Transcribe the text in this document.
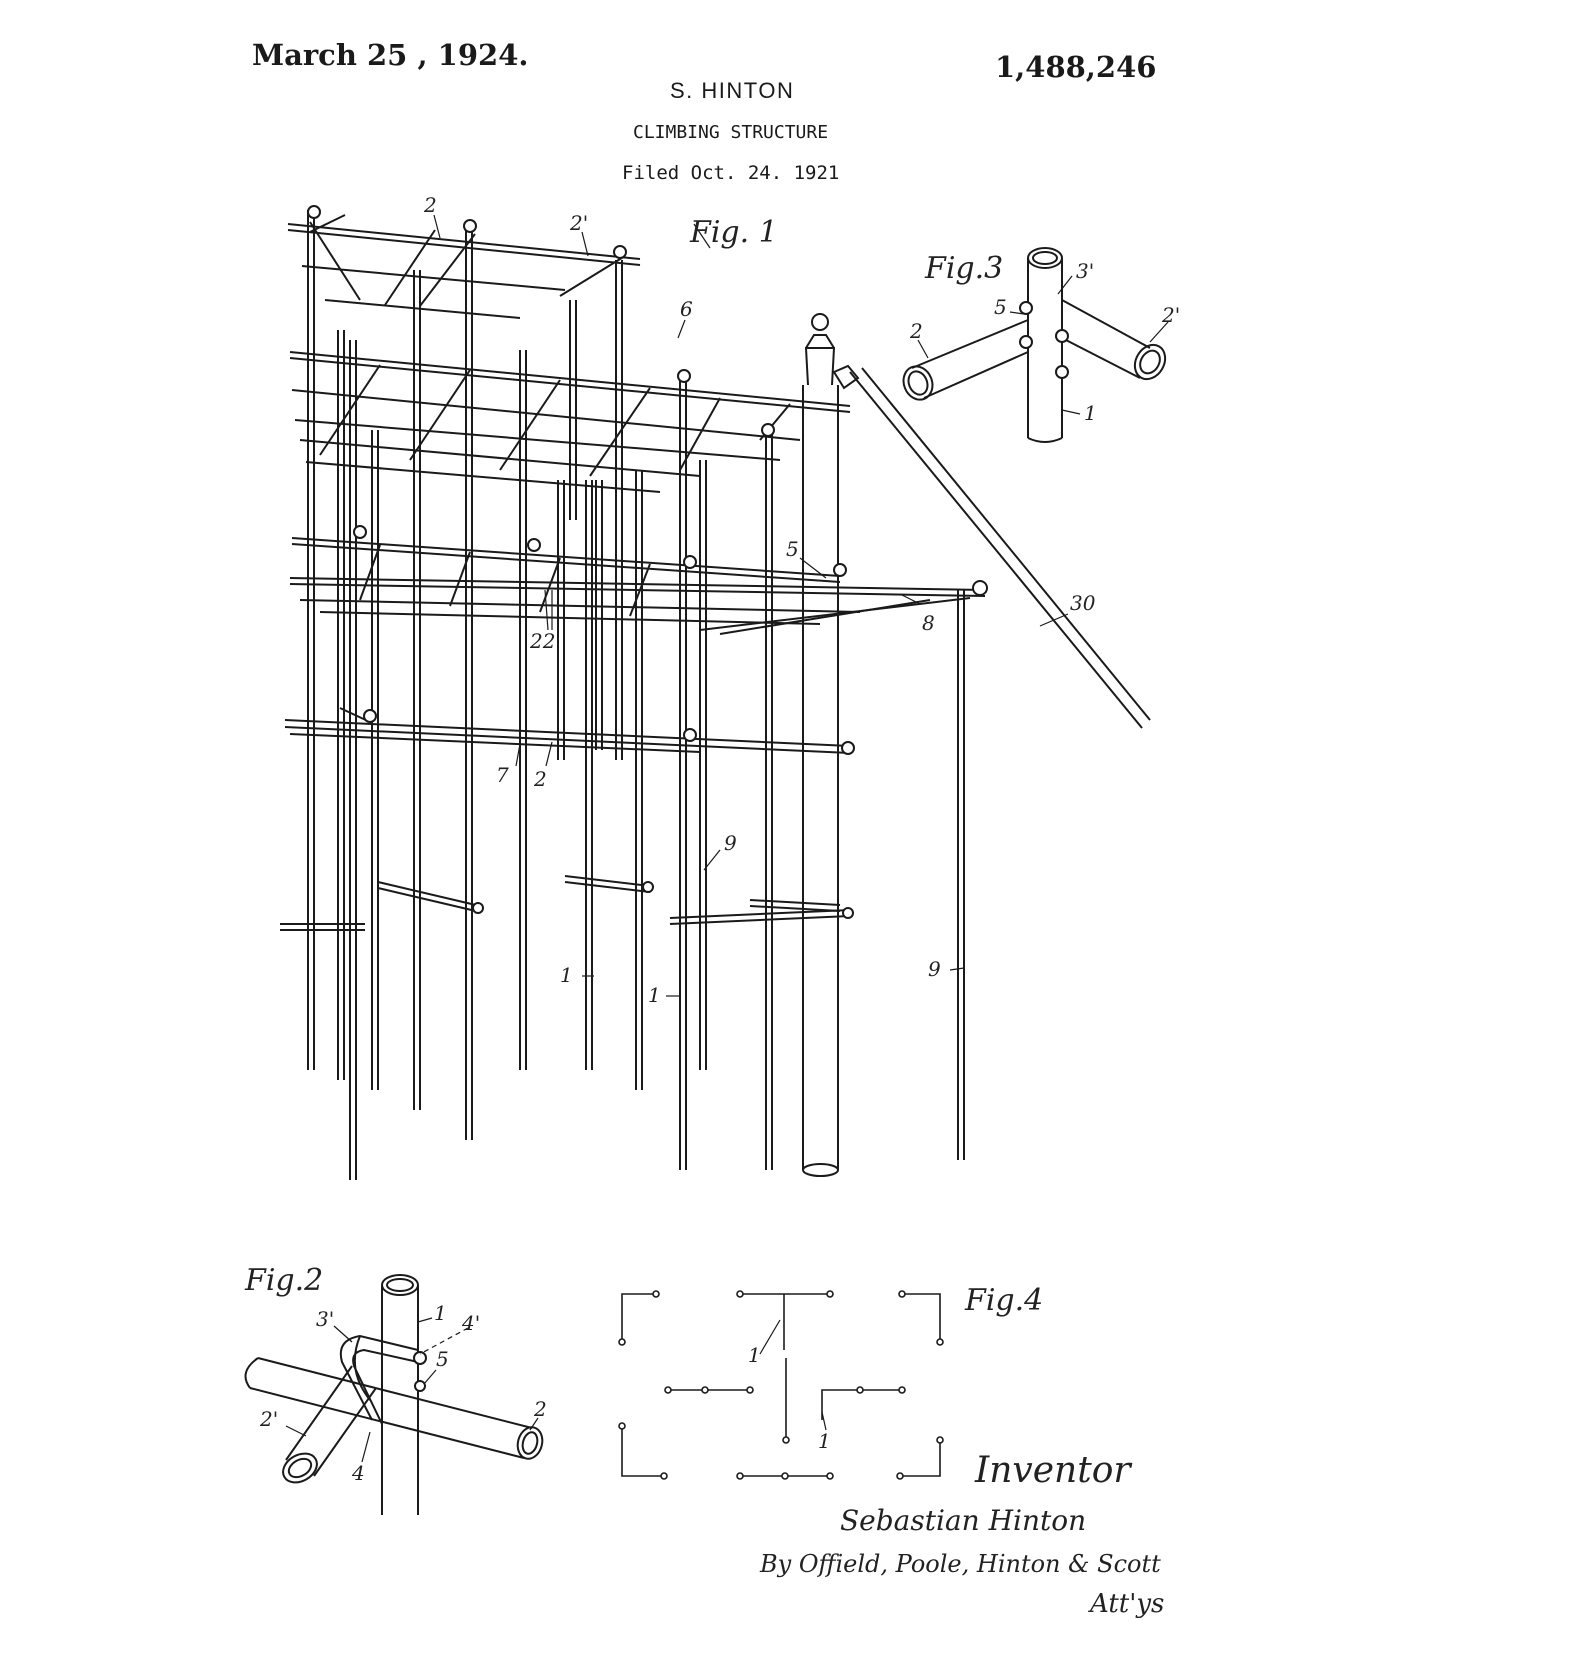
March 25 , 1924.	1,488,246
S. HINTON
CLIMBING STRUCTURE
Filed Oct. 24. 1921
Fig. 1
Fig.3
Fig.2
Fig.4
2
2'
6
5
8
30
22
7 2
9
1
1
9
3'
5
2
2'
1
1 4'
3'
5
2
2'
4
1
1
Inventor
Sebastian Hinton
By Offield, Poole, Hinton & Scott
Att'ys
